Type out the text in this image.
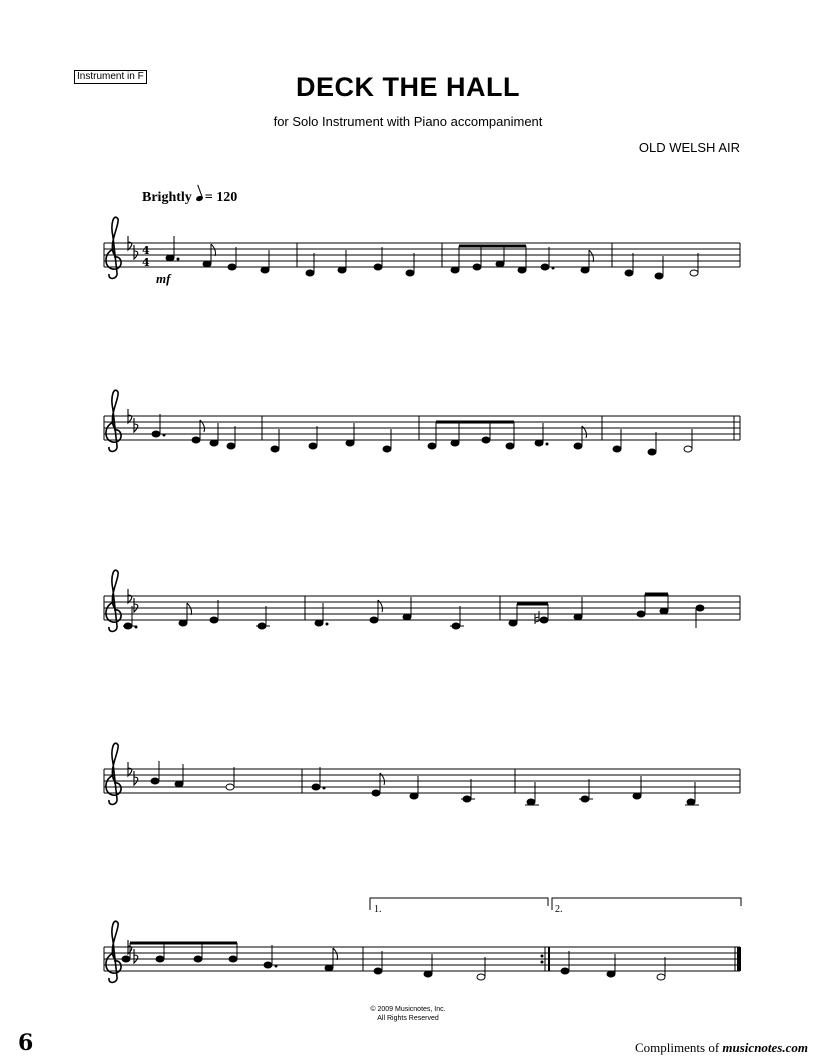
Instrument in F	DECK THE HALL
for Solo Instrument with Piano accompaniment
OLD WELSH AIR
Brightly = 120
4
4
mf
1.	2.
© 2009 Musicnotes, Inc.
All Rights Reserved
6	Compliments of musicnotes.com
